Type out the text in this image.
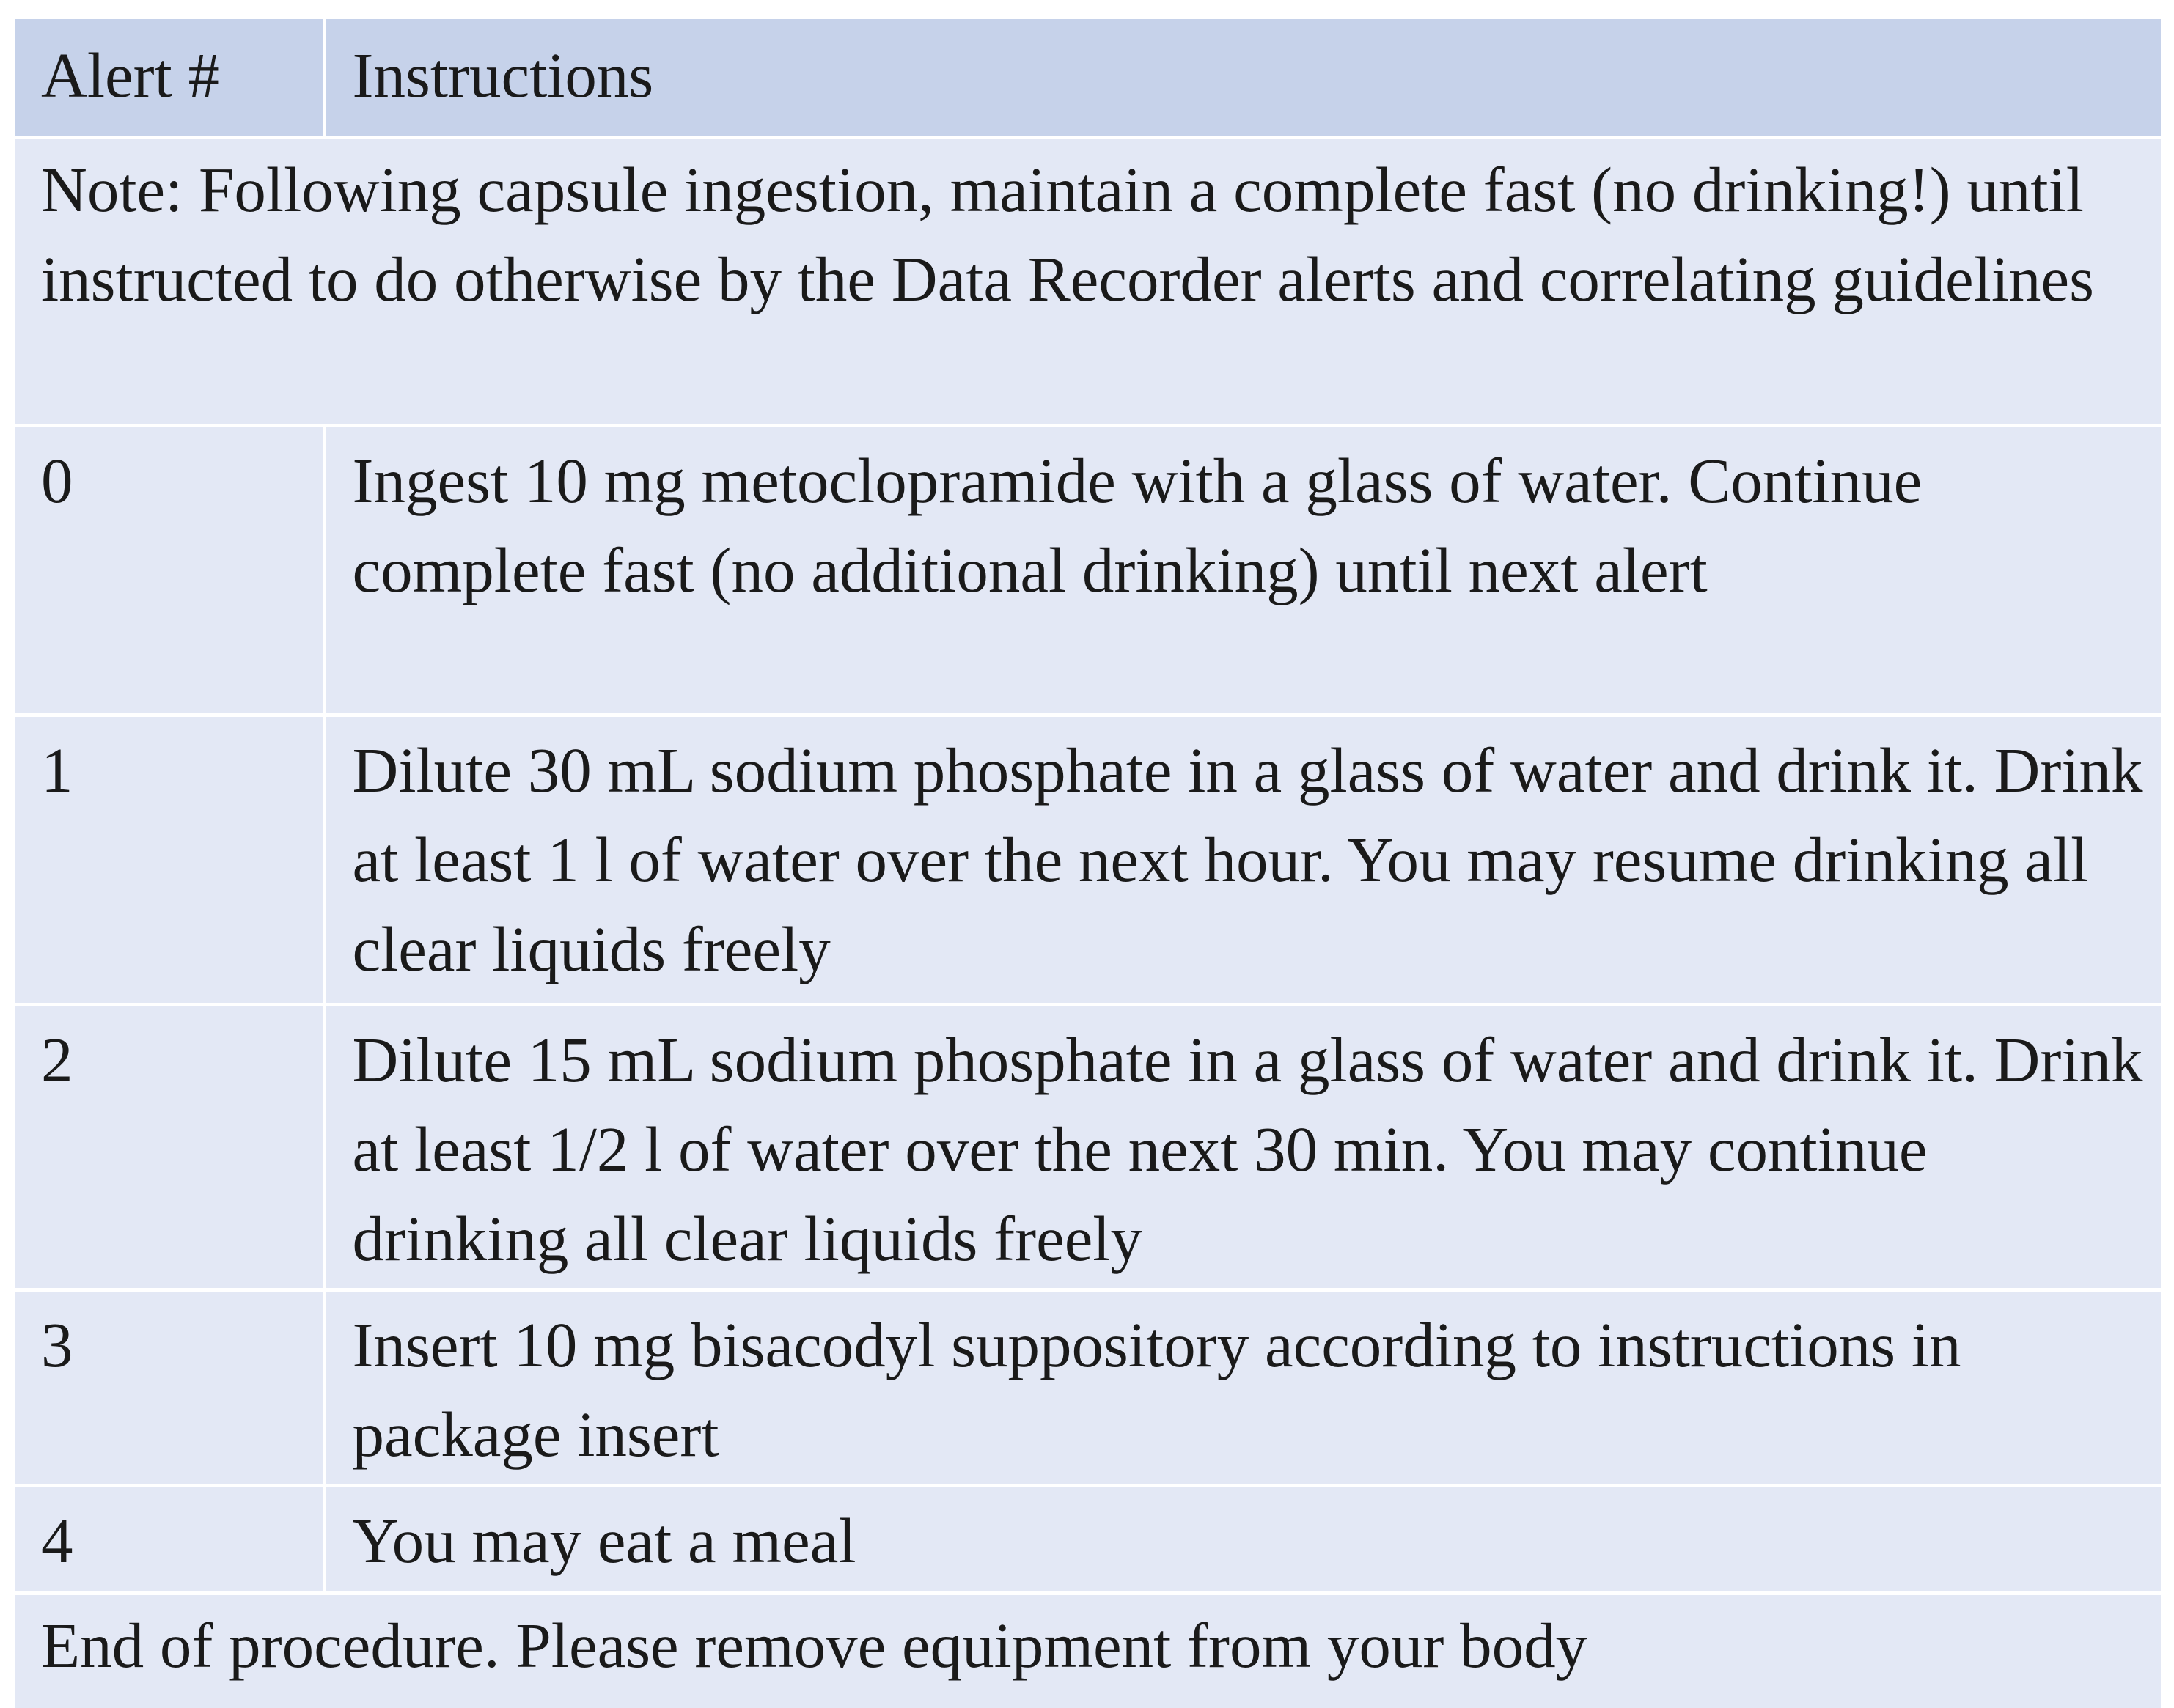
Alert #	Instructions
Note: Following capsule ingestion, maintain a complete fast (no drinking!) until instructed to do otherwise by the Data Recorder alerts and correlating guidelines	
0	Ingest 10 mg metoclopramide with a glass of water. Continue complete fast (no additional drinking) until next alert
1	Dilute 30 mL sodium phosphate in a glass of water and drink it. Drink at least 1 l of water over the next hour. You may resume drinking all clear liquids freely
2	Dilute 15 mL sodium phosphate in a glass of water and drink it. Drink at least 1/2 l of water over the next 30 min. You may continue drinking all clear liquids freely
3	Insert 10 mg bisacodyl suppository according to instructions in package insert
4	You may eat a meal
End of procedure. Please remove equipment from your body	
